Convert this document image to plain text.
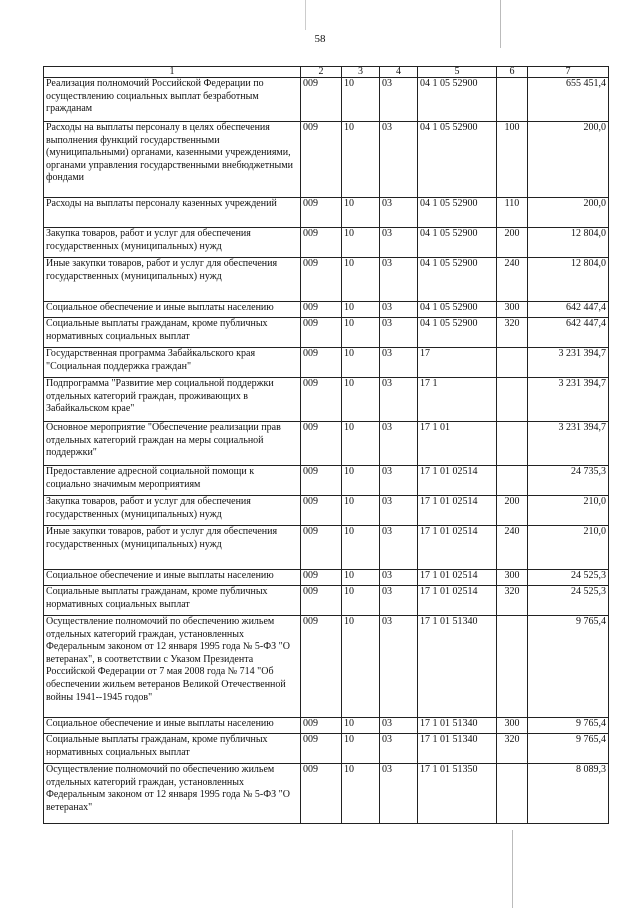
58
1	2	3	4	5	6	7
Реализация полномочий Российской Федерации по осуществлению социальных выплат безработным гражданам	009	10	03	04 1 05 52900		655 451,4
Расходы на выплаты персоналу в целях обеспечения выполнения функций государственными (муниципальными) органами, казенными учреждениями, органами управления государственными внебюджетными фондами	009	10	03	04 1 05 52900	100	200,0
Расходы на выплаты персоналу казенных учреждений	009	10	03	04 1 05 52900	110	200,0
Закупка товаров, работ и услуг для обеспечения государственных (муниципальных) нужд	009	10	03	04 1 05 52900	200	12 804,0
Иные закупки товаров, работ и услуг для обеспечения государственных (муниципальных) нужд	009	10	03	04 1 05 52900	240	12 804,0
Социальное обеспечение и иные выплаты населению	009	10	03	04 1 05 52900	300	642 447,4
Социальные выплаты гражданам, кроме публичных нормативных социальных выплат	009	10	03	04 1 05 52900	320	642 447,4
Государственная программа Забайкальского края "Социальная поддержка граждан"	009	10	03	17		3 231 394,7
Подпрограмма "Развитие мер социальной поддержки отдельных категорий граждан, проживающих в Забайкальском крае"	009	10	03	17 1		3 231 394,7
Основное мероприятие "Обеспечение реализации прав отдельных категорий граждан на меры социальной поддержки"	009	10	03	17 1 01		3 231 394,7
Предоставление адресной социальной помощи к социально значимым мероприятиям	009	10	03	17 1 01 02514		24 735,3
Закупка товаров, работ и услуг для обеспечения государственных (муниципальных) нужд	009	10	03	17 1 01 02514	200	210,0
Иные закупки товаров, работ и услуг для обеспечения государственных (муниципальных) нужд	009	10	03	17 1 01 02514	240	210,0
Социальное обеспечение и иные выплаты населению	009	10	03	17 1 01 02514	300	24 525,3
Социальные выплаты гражданам, кроме публичных нормативных социальных выплат	009	10	03	17 1 01 02514	320	24 525,3
Осуществление полномочий по обеспечению жильем отдельных категорий граждан, установленных Федеральным законом от 12 января 1995 года № 5-ФЗ "О ветеранах", в соответствии с Указом Президента Российской Федерации от 7 мая 2008 года № 714 "Об обеспечении жильем ветеранов Великой Отечественной войны 1941--1945 годов"	009	10	03	17 1 01 51340		9 765,4
Социальное обеспечение и иные выплаты населению	009	10	03	17 1 01 51340	300	9 765,4
Социальные выплаты гражданам, кроме публичных нормативных социальных выплат	009	10	03	17 1 01 51340	320	9 765,4
Осуществление полномочий по обеспечению жильем отдельных категорий граждан, установленных Федеральным законом от 12 января 1995 года № 5-ФЗ "О ветеранах"	009	10	03	17 1 01 51350		8 089,3
